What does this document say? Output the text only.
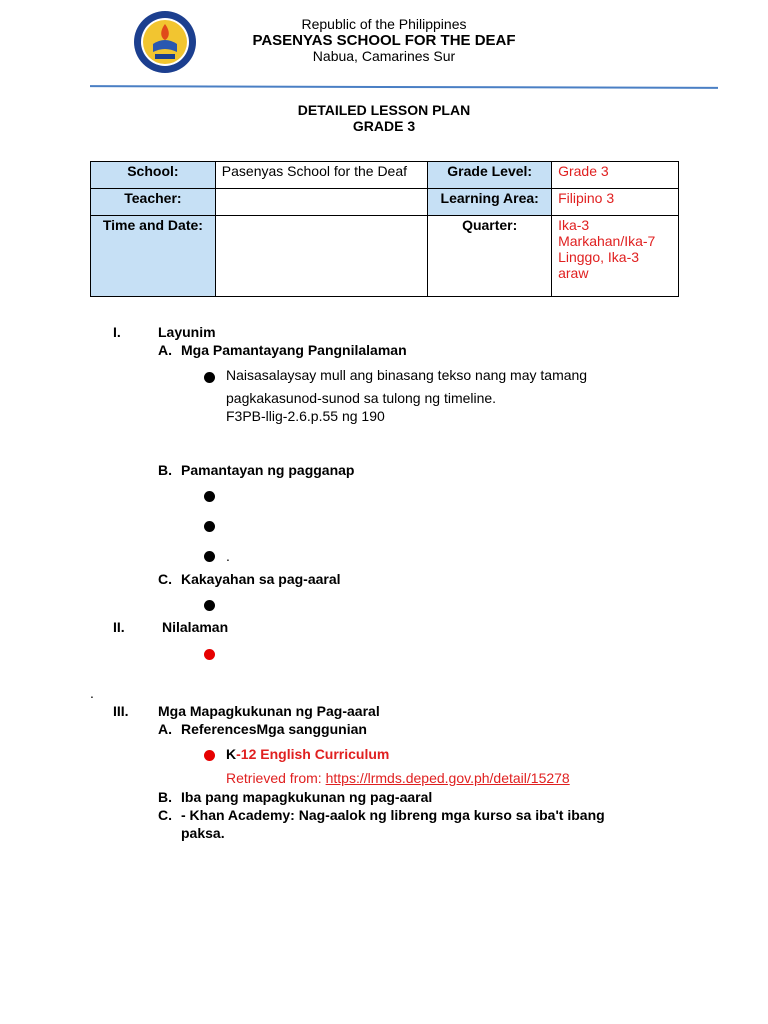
Republic of the Philippines
PASENYAS SCHOOL FOR THE DEAF
Nabua, Camarines Sur
DETAILED LESSON PLAN
GRADE 3
School:	Pasenyas School for the Deaf	Grade Level:	Grade 3
Teacher:		Learning Area:	Filipino 3
Time and Date:		Quarter:	Ika-3
Markahan/Ika-7
Linggo, Ika-3
araw
I.	Layunim
A. Mga Pamantayang Pangnilalaman
Naisasalaysay mull ang binasang tekso nang may tamang
pagkakasunod-sunod sa tulong ng timeline.
F3PB-llig-2.6.p.55 ng 190
B. Pamantayan ng pagganap
.
C. Kakayahan sa pag-aaral
II.	Nilalaman
.
III. Mga Mapagkukunan ng Pag-aaral
A. ReferencesMga sanggunian
K-12 English Curriculum
Retrieved from: https://lrmds.deped.gov.ph/detail/15278
B. Iba pang mapagkukunan ng pag-aaral
C. - Khan Academy: Nag-aalok ng libreng mga kurso sa iba't ibang
paksa.
